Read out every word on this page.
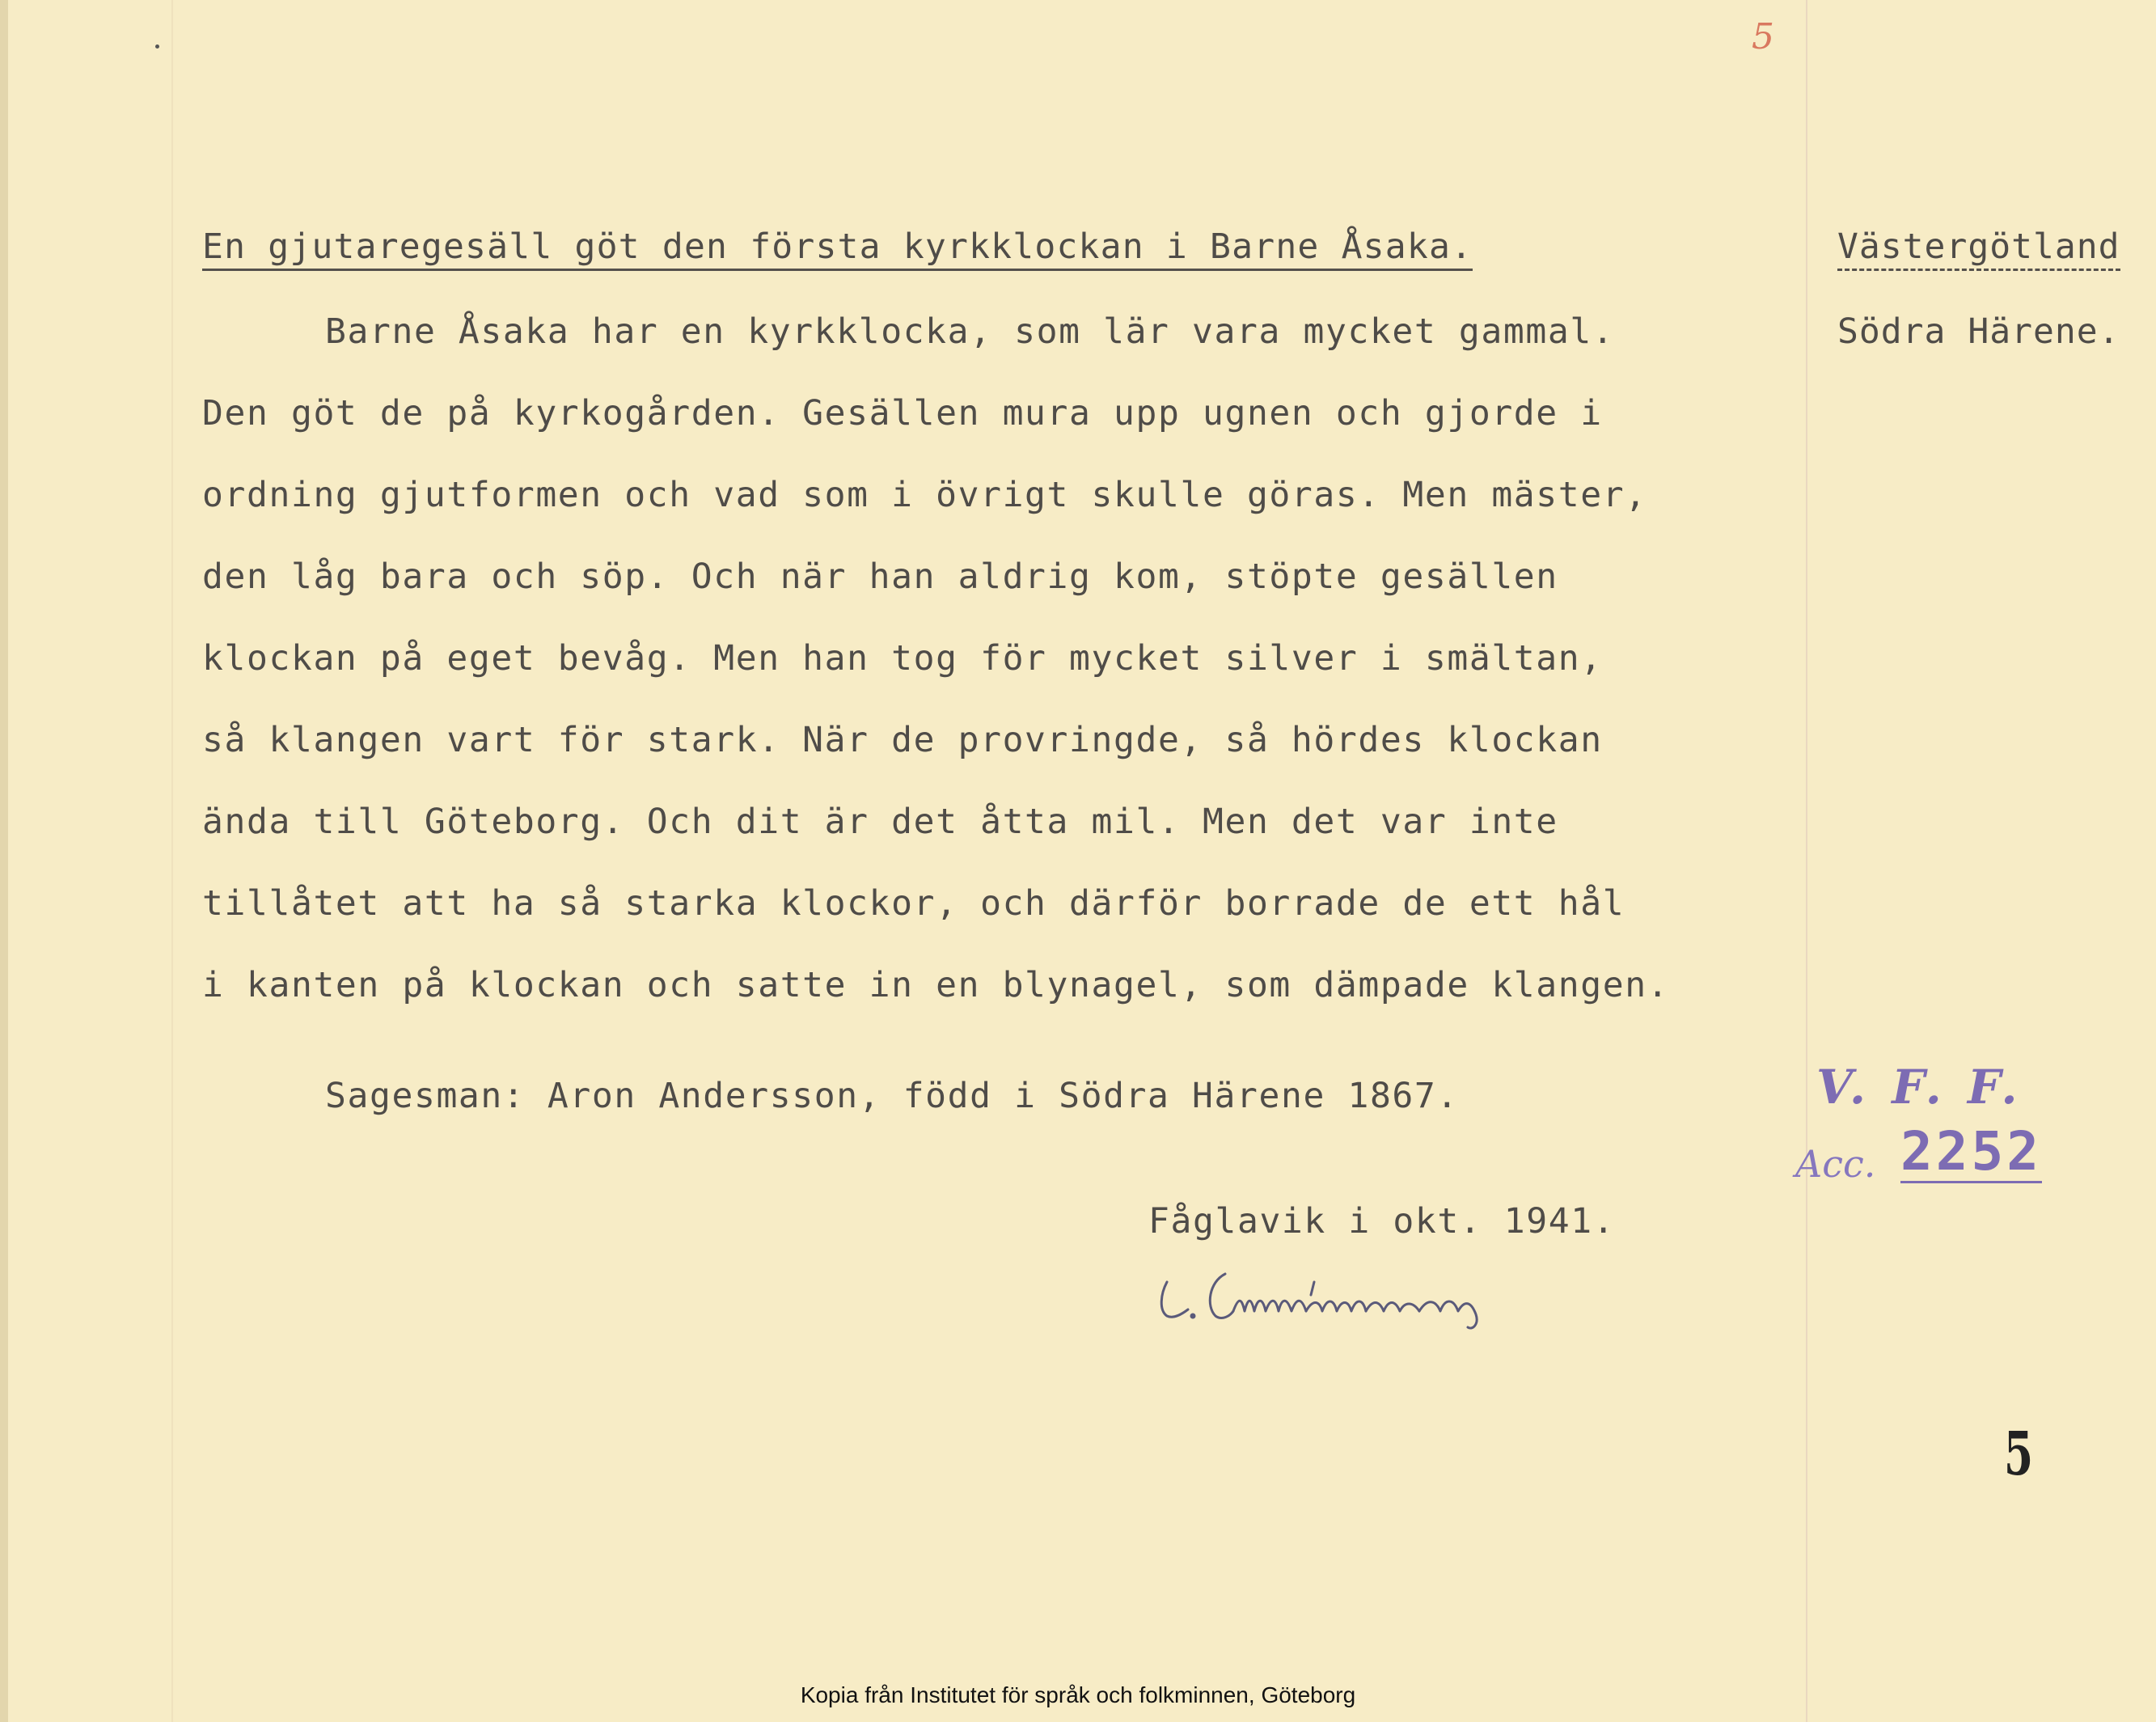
5
En gjutaregesäll göt den första kyrkklockan i Barne Åsaka.	Västergötland
Södra Härene.
Barne Åsaka har en kyrkklocka, som lär vara mycket gammal.
Den göt de på kyrkogården. Gesällen mura upp ugnen och gjorde i
ordning gjutformen och vad som i övrigt skulle göras. Men mäster,
den låg bara och söp. Och när han aldrig kom, stöpte gesällen
klockan på eget bevåg. Men han tog för mycket silver i smältan,
så klangen vart för stark. När de provringde, så hördes klockan
ända till Göteborg. Och dit är det åtta mil. Men det var inte
tillåtet att ha så starka klockor, och därför borrade de ett hål
i kanten på klockan och satte in en blynagel, som dämpade klangen.
Sagesman: Aron Andersson, född i Södra Härene 1867.
Fåglavik i okt. 1941.
V. F. F.
Acc. 2252
5
Kopia från Institutet för språk och folkminnen, Göteborg
